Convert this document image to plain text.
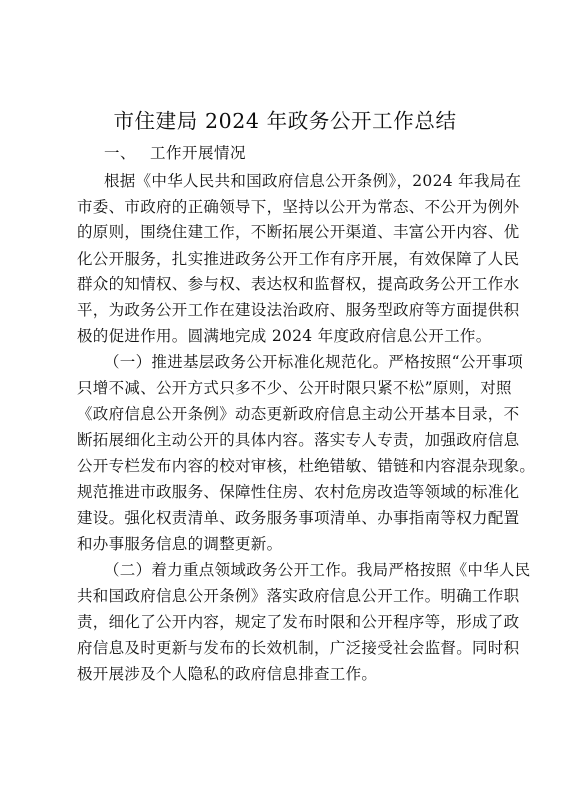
市住建局 2024 年政务公开工作总结
一、 工作开展情况
根据《中华人民共和国政府信息公开条例》，2024 年我局在
市委、市政府的正确领导下，坚持以公开为常态、不公开为例外
的原则，围绕住建工作，不断拓展公开渠道、丰富公开内容、优
化公开服务，扎实推进政务公开工作有序开展，有效保障了人民
群众的知情权、参与权、表达权和监督权，提高政务公开工作水
平，为政务公开工作在建设法治政府、服务型政府等方面提供积
极的促进作用。圆满地完成 2024 年度政府信息公开工作。
（一）推进基层政务公开标准化规范化。严格按照“公开事项
只增不减、公开方式只多不少、公开时限只紧不松”原则，对照
《政府信息公开条例》动态更新政府信息主动公开基本目录，不
断拓展细化主动公开的具体内容。落实专人专责，加强政府信息
公开专栏发布内容的校对审核，杜绝错敏、错链和内容混杂现象。
规范推进市政服务、保障性住房、农村危房改造等领域的标准化
建设。强化权责清单、政务服务事项清单、办事指南等权力配置
和办事服务信息的调整更新。
（二）着力重点领域政务公开工作。我局严格按照《中华人民
共和国政府信息公开条例》落实政府信息公开工作。明确工作职
责，细化了公开内容，规定了发布时限和公开程序等，形成了政
府信息及时更新与发布的长效机制，广泛接受社会监督。同时积
极开展涉及个人隐私的政府信息排查工作。
